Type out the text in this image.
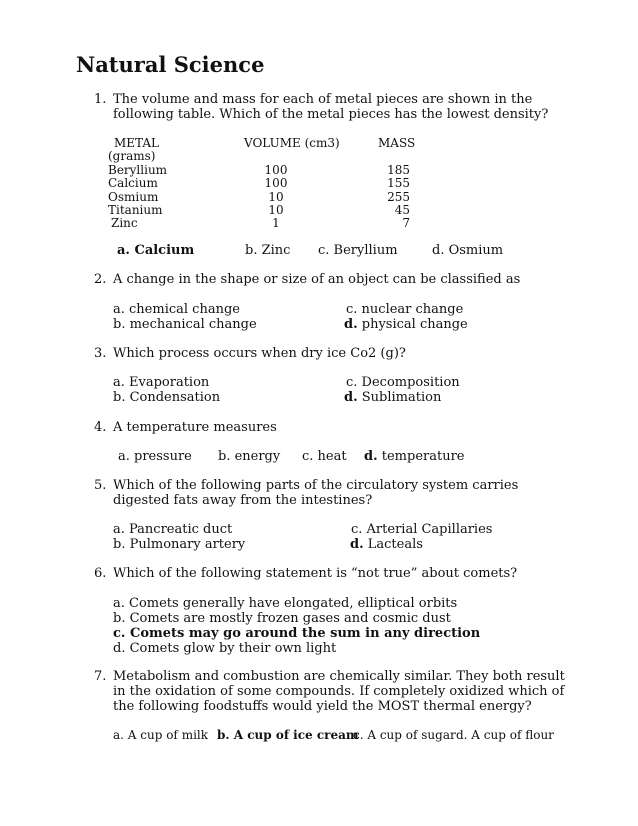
Natural Science
1. The volume and mass for each of metal pieces are shown in the following table. Which of the metal pieces has the lowest density?
METAL	VOLUME (cm3)	MASS
(grams)
Beryllium	100	185
Calcium	100	155
Osmium	10	255
Titanium	10	45
Zinc	1	7
a. Calcium	b. Zinc c. Beryllium	d. Osmium
2. A change in the shape or size of an object can be classified as
a. chemical change
b. mechanical change
c. nuclear change
d. physical change
3. Which process occurs when dry ice Co2 (g)?
a. Evaporation
b. Condensation
c. Decomposition
d. Sublimation
4. A temperature measures
a. pressure b. energy c. heat d. temperature
5. Which of the following parts of the circulatory system carries digested fats away from the intestines?
a. Pancreatic duct
b. Pulmonary artery
c. Arterial Capillaries
d. Lacteals
6. Which of the following statement is “not true” about comets?
a. Comets generally have elongated, elliptical orbits
b. Comets are mostly frozen gases and cosmic dust
c. Comets may go around the sum in any direction
d. Comets glow by their own light
7. Metabolism and combustion are chemically similar. They both result in the oxidation of some compounds. If completely oxidized which of the following foodstuffs would yield the MOST thermal energy?
a. A cup of milk b. A cup of ice cream
c. A cup of sugar d. A cup of flour
